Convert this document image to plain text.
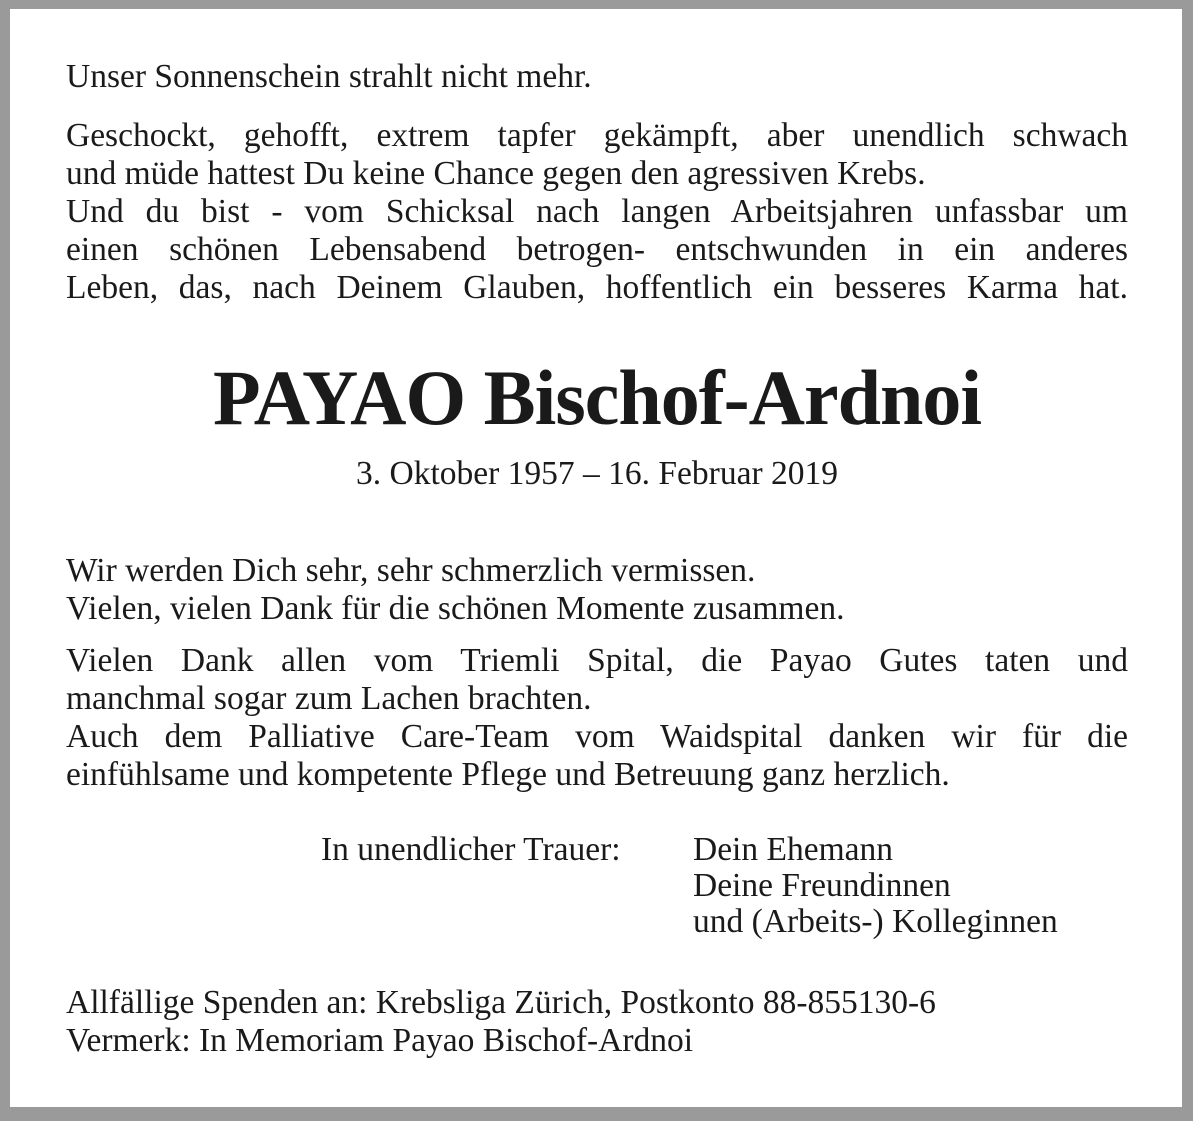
Unser Sonnenschein strahlt nicht mehr.

Geschockt, gehofft, extrem tapfer gekämpft, aber unendlich schwach
und müde hattest Du keine Chance gegen den agressiven Krebs.
Und du bist - vom Schicksal nach langen Arbeitsjahren unfassbar um
einen schönen Lebensabend betrogen- entschwunden in ein anderes
Leben, das, nach Deinem Glauben, hoffentlich ein besseres Karma hat.
PAYAO Bischof-Ardnoi

3. Oktober 1957 – 16. Februar 2019

Wir werden Dich sehr, sehr schmerzlich vermissen.
Vielen, vielen Dank für die schönen Momente zusammen.
Vielen Dank allen vom Triemli Spital, die Payao Gutes taten und
manchmal sogar zum Lachen brachten.
Auch dem Palliative Care-Team vom Waidspital danken wir für die
einfühlsame und kompetente Pflege und Betreuung ganz herzlich.
In unendlicher Trauer: Dein Ehemann
Deine Freundinnen
und (Arbeits-) Kolleginnen
Allfällige Spenden an: Krebsliga Zürich, Postkonto 88-855130-6
Vermerk: In Memoriam Payao Bischof-Ardnoi
